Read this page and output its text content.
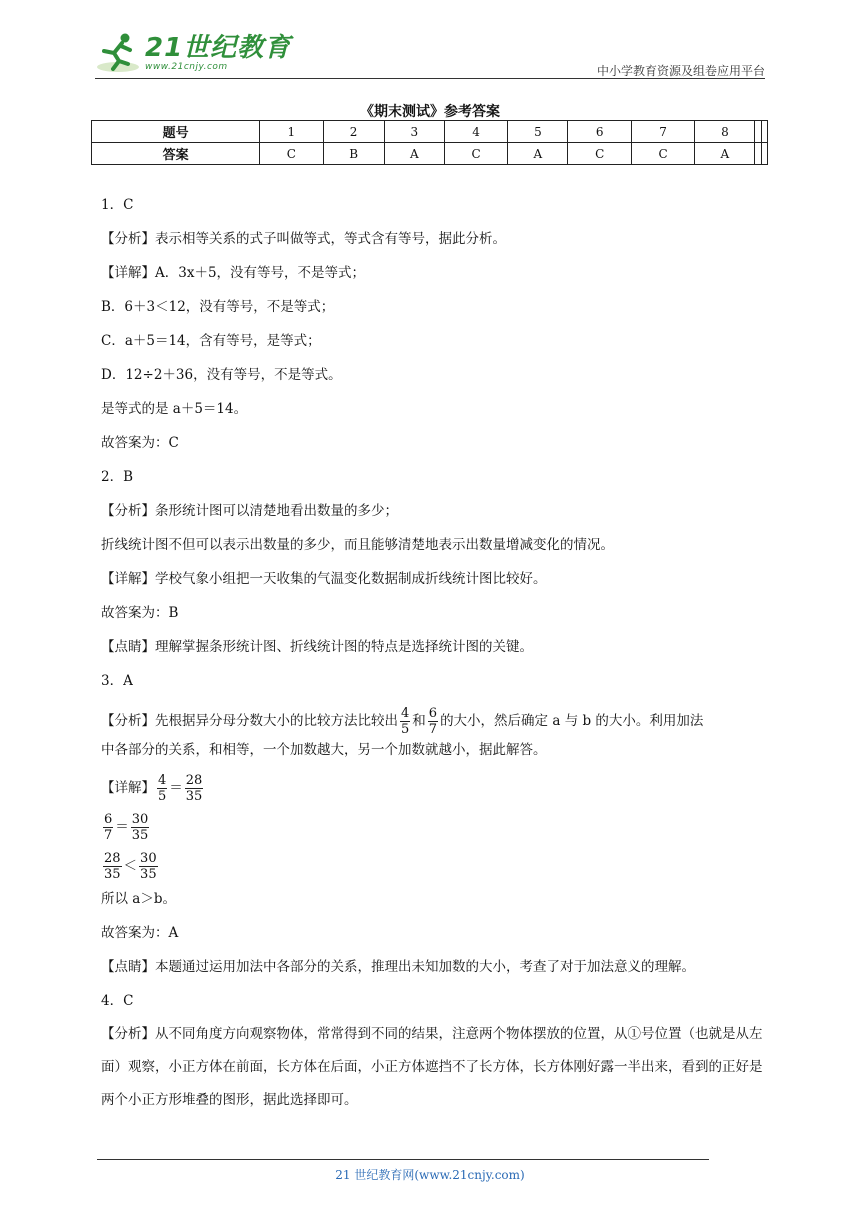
21世纪教育
www.21cnjy.com	中小学教育资源及组卷应用平台
《期末测试》参考答案
题号	1	2	3	4	5	6	7	8		
答案	C	B	A	C	A	C	C	A		

1．C

【分析】表示相等关系的式子叫做等式，等式含有等号，据此分析。

【详解】A．3x＋5，没有等号，不是等式；

B．6＋3＜12，没有等号，不是等式；

C．a＋5＝14，含有等号，是等式；

D．12÷2＋36，没有等号，不是等式。

是等式的是 a＋5＝14。

故答案为：C

2．B

【分析】条形统计图可以清楚地看出数量的多少；

折线统计图不但可以表示出数量的多少，而且能够清楚地表示出数量增减变化的情况。

【详解】学校气象小组把一天收集的气温变化数据制成折线统计图比较好。

故答案为：B

【点睛】理解掌握条形统计图、折线统计图的特点是选择统计图的关键。

3．A

【分析】先根据异分母分数大小的比较方法比较出 $\frac{4}{5}$ 和 $\frac{6}{7}$ 的大小，然后确定 a 与 b 的大小。利用加法
中各部分的关系，和相等，一个加数越大，另一个加数就越小，据此解答。

【详解】 $\frac{4}{5} = \frac{28}{35}$

$\frac{6}{7} = \frac{30}{35}$

$\frac{28}{35} < \frac{30}{35}$

所以 a＞b。

故答案为：A

【点睛】本题通过运用加法中各部分的关系，推理出未知加数的大小，考查了对于加法意义的理解。

4．C

【分析】从不同角度方向观察物体，常常得到不同的结果，注意两个物体摆放的位置，从①号位置（也就是从左面）观察，小正方体在前面，长方体在后面，小正方体遮挡不了长方体，长方体刚好露一半出来，看到的正好是两个小正方形堆叠的图形，据此选择即可。

21 世纪教育网(www.21cnjy.com)
